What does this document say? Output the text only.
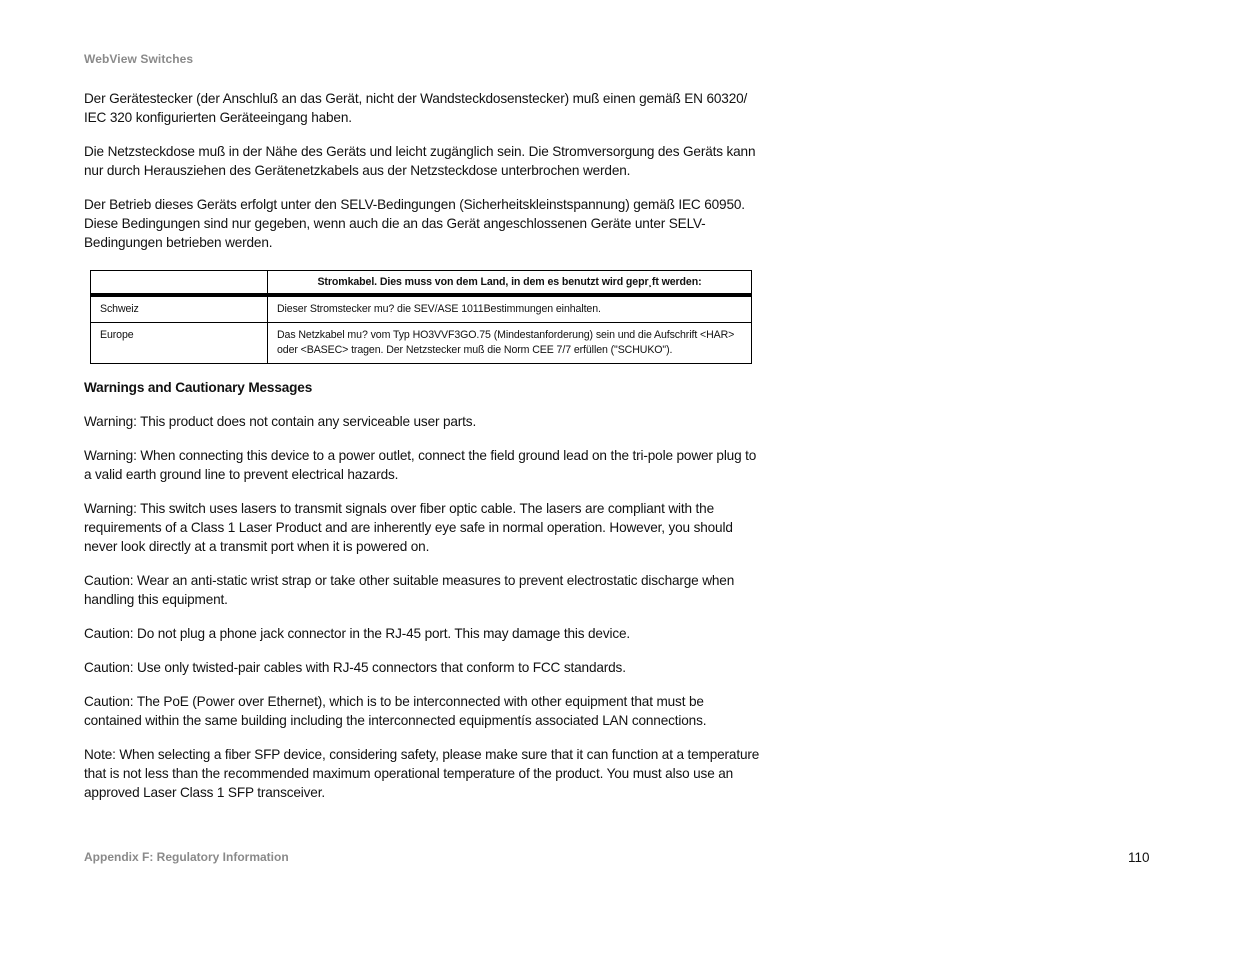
WebView Switches

Der Gerätestecker (der Anschluß an das Gerät, nicht der Wandsteckdosenstecker) muß einen gemäß EN 60320/ IEC 320 konfigurierten Geräteeingang haben.

Die Netzsteckdose muß in der Nähe des Geräts und leicht zugänglich sein. Die Stromversorgung des Geräts kann nur durch Herausziehen des Gerätenetzkabels aus der Netzsteckdose unterbrochen werden.

Der Betrieb dieses Geräts erfolgt unter den SELV-Bedingungen (Sicherheitskleinstspannung) gemäß IEC 60950. Diese Bedingungen sind nur gegeben, wenn auch die an das Gerät angeschlossenen Geräte unter SELV-Bedingungen betrieben werden.

	Stromkabel. Dies muss von dem Land, in dem es benutzt wird gepr¸ft werden:
Schweiz	Dieser Stromstecker mu? die SEV/ASE 1011Bestimmungen einhalten.
Europe	Das Netzkabel mu? vom Typ HO3VVF3GO.75 (Mindestanforderung) sein und die Aufschrift <HAR> oder <BASEC> tragen. Der Netzstecker muß die Norm CEE 7/7 erfüllen ("SCHUKO").
Warnings and Cautionary Messages

Warning: This product does not contain any serviceable user parts.

Warning: When connecting this device to a power outlet, connect the field ground lead on the tri-pole power plug to a valid earth ground line to prevent electrical hazards.

Warning: This switch uses lasers to transmit signals over fiber optic cable. The lasers are compliant with the requirements of a Class 1 Laser Product and are inherently eye safe in normal operation. However, you should never look directly at a transmit port when it is powered on.

Caution: Wear an anti-static wrist strap or take other suitable measures to prevent electrostatic discharge when handling this equipment.

Caution: Do not plug a phone jack connector in the RJ-45 port. This may damage this device.

Caution: Use only twisted-pair cables with RJ-45 connectors that conform to FCC standards.

Caution: The PoE (Power over Ethernet), which is to be interconnected with other equipment that must be contained within the same building including the interconnected equipmentís associated LAN connections.

Note: When selecting a fiber SFP device, considering safety, please make sure that it can function at a temperature that is not less than the recommended maximum operational temperature of the product. You must also use an approved Laser Class 1 SFP transceiver.

Appendix F: Regulatory Information	110
